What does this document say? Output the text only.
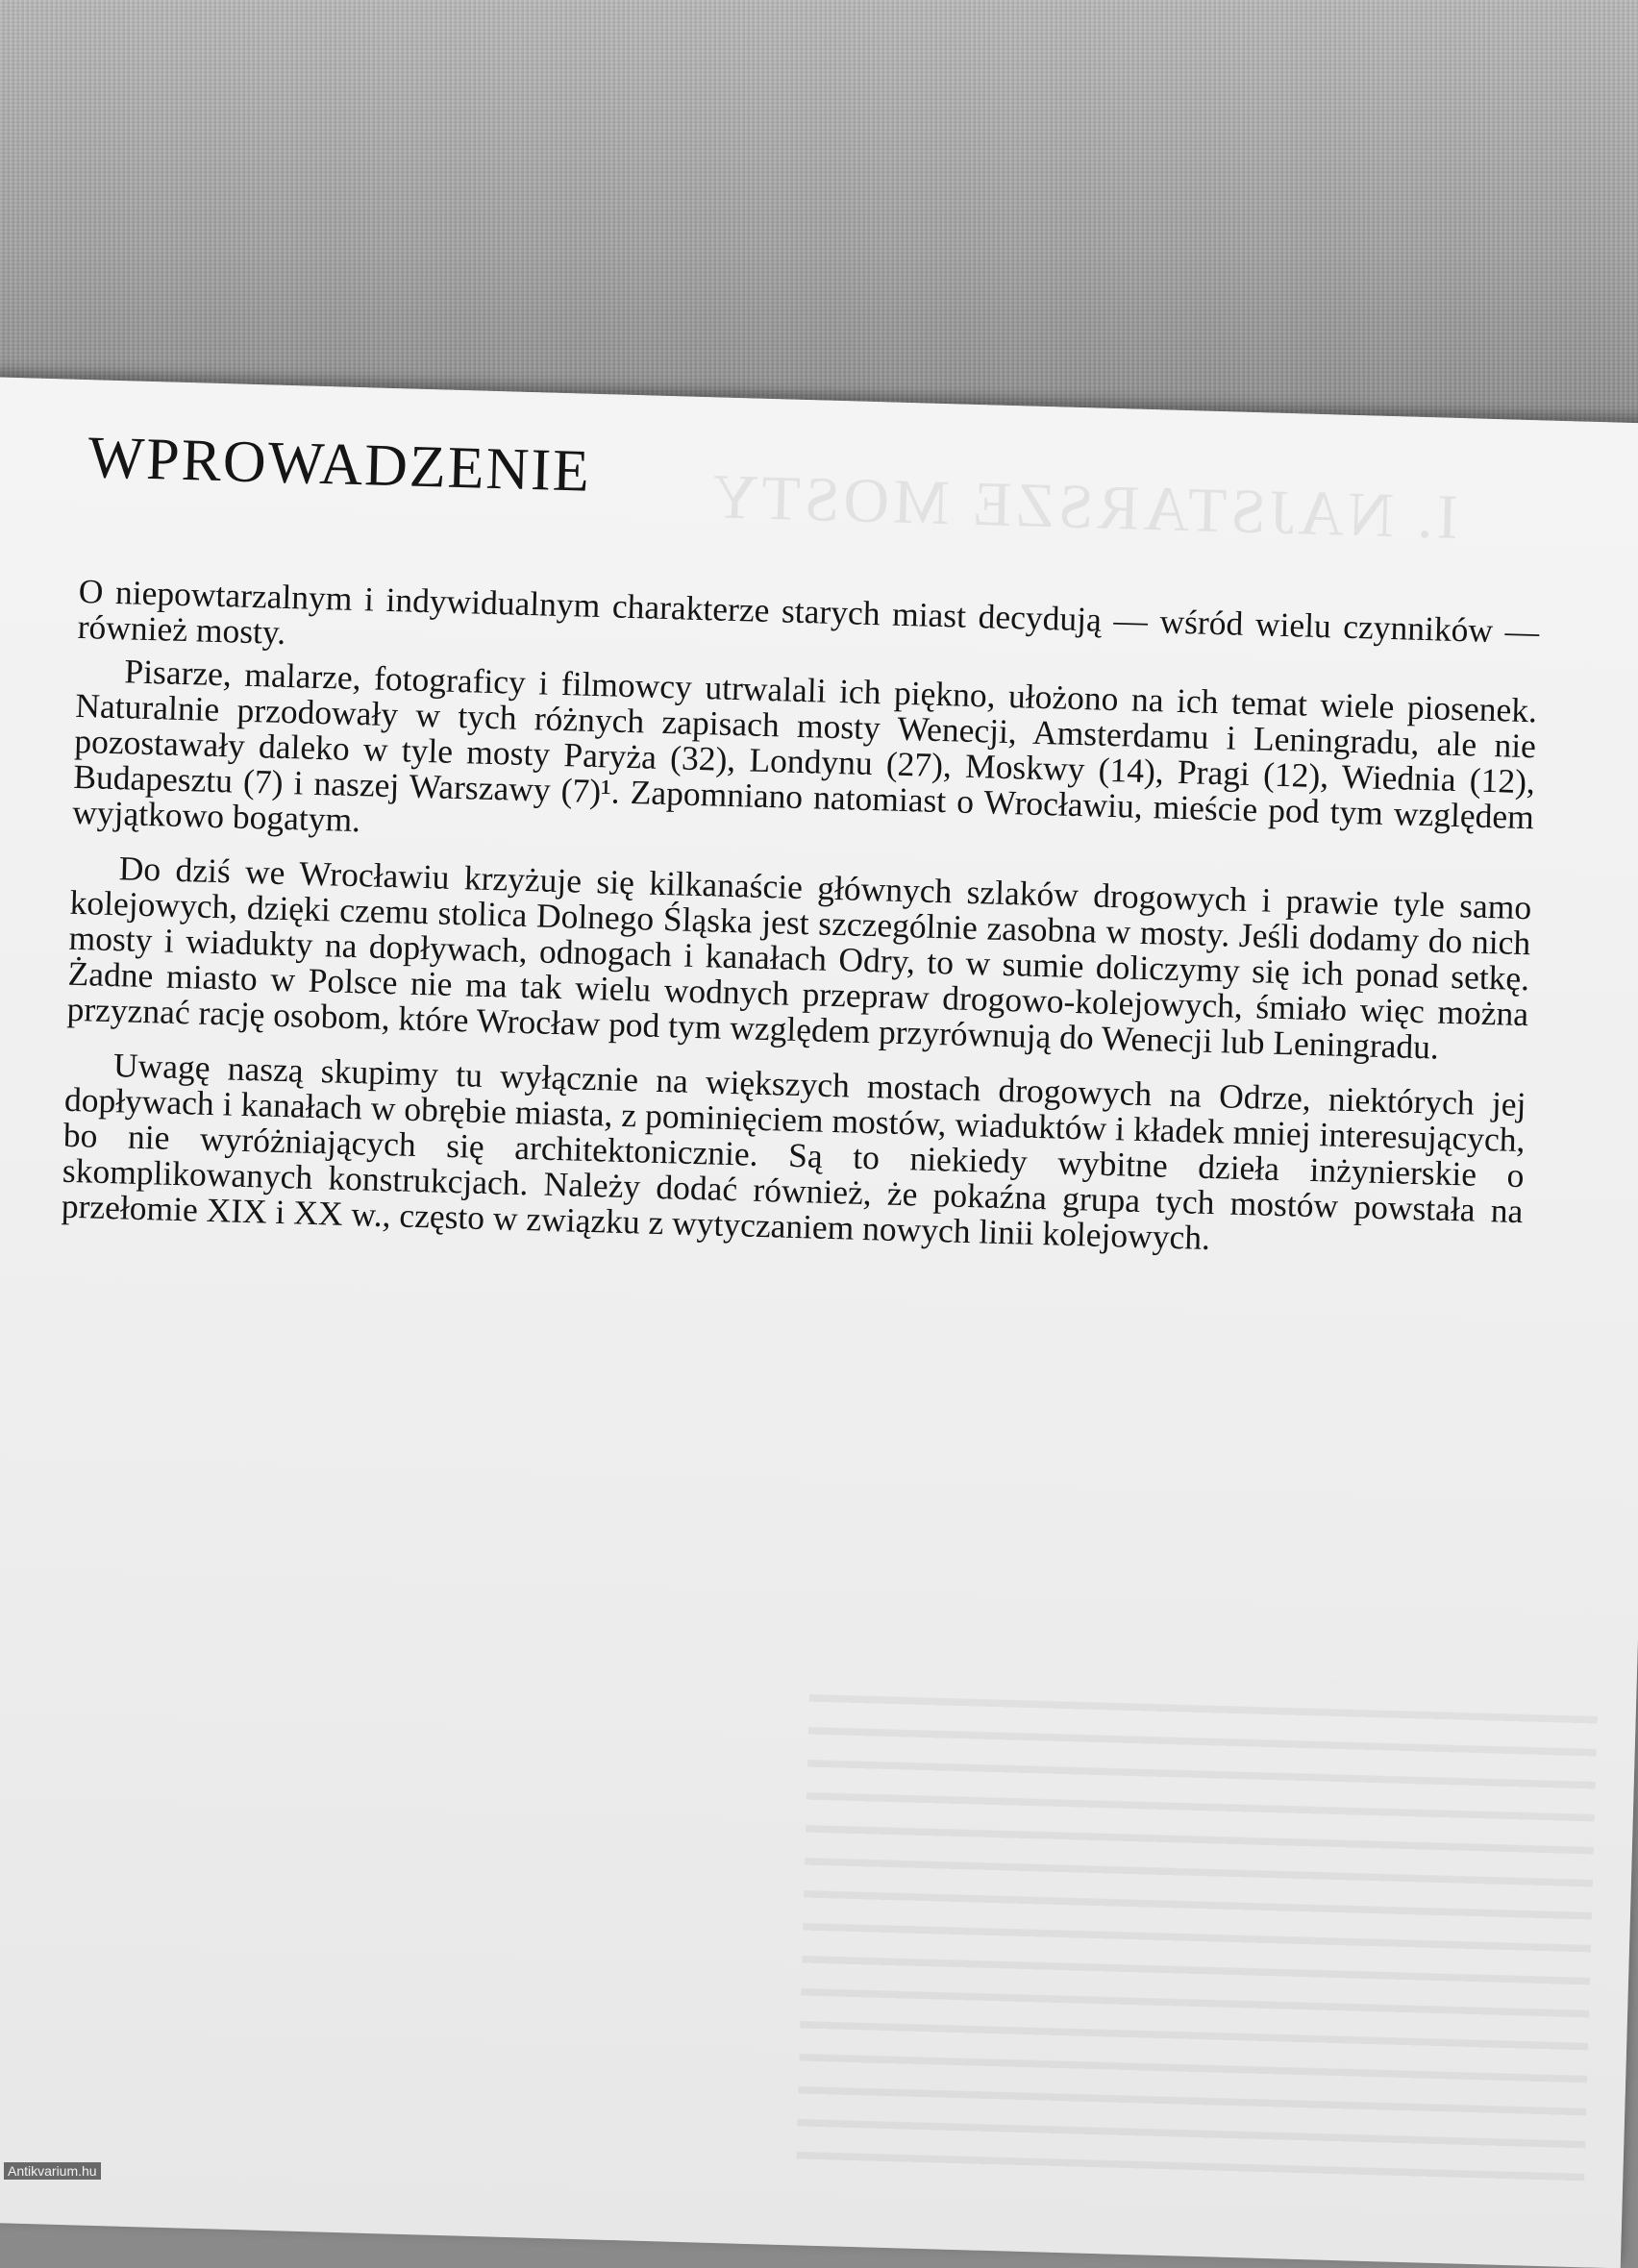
I. NAJSTARSZE MOSTY
WPROWADZENIE

O niepowtarzalnym i indywidualnym charakterze starych miast decydują — wśród wielu czynników — również mosty.

Pisarze, malarze, fotograficy i filmowcy utrwalali ich piękno, ułożono na ich temat wiele piosenek. Naturalnie przodowały w tych różnych zapisach mosty Wenecji, Amsterdamu i Leningradu, ale nie pozostawały daleko w tyle mosty Paryża (32), Londynu (27), Moskwy (14), Pragi (12), Wiednia (12), Budapesztu (7) i naszej Warszawy (7)¹. Zapomniano natomiast o Wrocławiu, mieście pod tym względem wyjątkowo bogatym.

Do dziś we Wrocławiu krzyżuje się kilkanaście głównych szlaków drogowych i prawie tyle samo kolejowych, dzięki czemu stolica Dolnego Śląska jest szczególnie zasobna w mosty. Jeśli dodamy do nich mosty i wiadukty na dopływach, odnogach i kanałach Odry, to w sumie doliczymy się ich ponad setkę. Żadne miasto w Polsce nie ma tak wielu wodnych przepraw drogowo-kolejowych, śmiało więc można przyznać rację osobom, które Wrocław pod tym względem przyrównują do Wenecji lub Leningradu.

Uwagę naszą skupimy tu wyłącznie na większych mostach drogowych na Odrze, niektórych jej dopływach i kanałach w obrębie miasta, z pominięciem mostów, wiaduktów i kładek mniej interesujących, bo nie wyróżniających się architektonicznie. Są to niekiedy wybitne dzieła inżynierskie o skomplikowanych konstrukcjach. Należy dodać również, że pokaźna grupa tych mostów powstała na przełomie XIX i XX w., często w związku z wytyczaniem nowych linii kolejowych.

Antikvarium.hu
